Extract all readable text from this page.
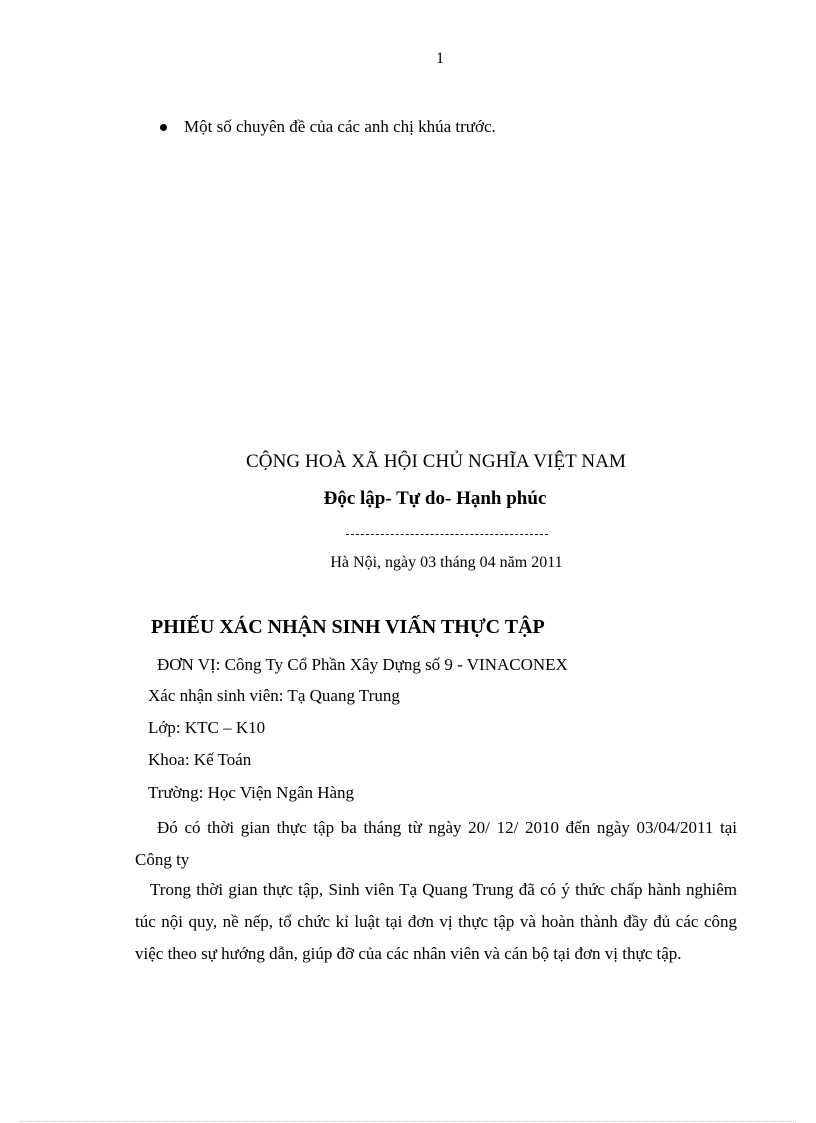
1
Một số chuyên đề của các anh chị khúa trước.
CỘNG HOÀ XÃ HỘI CHỦ NGHĨA VIỆT NAM
Độc lập- Tự do- Hạnh phúc
Hà Nội, ngày 03 tháng 04 năm 2011
PHIẾU XÁC NHẬN SINH VIẤN THỰC TẬP
ĐƠN VỊ: Công Ty Cổ Phần Xây Dựng số 9 - VINACONEX
Xác nhận sinh viên: Tạ Quang Trung
Lớp: KTC – K10
Khoa: Kế Toán
Trường: Học Viện Ngân Hàng
Đó có thời gian thực tập ba tháng từ ngày 20/ 12/ 2010 đến ngày 03/04/2011 tại Công ty
Trong thời gian thực tập, Sinh viên Tạ Quang Trung đã có ý thức chấp hành nghiêm túc nội quy, nề nếp, tổ chức kỉ luật tại đơn vị thực tập và hoàn thành đầy đủ các công việc theo sự hướng dẫn, giúp đỡ của các nhân viên và cán bộ tại đơn vị thực tập.
